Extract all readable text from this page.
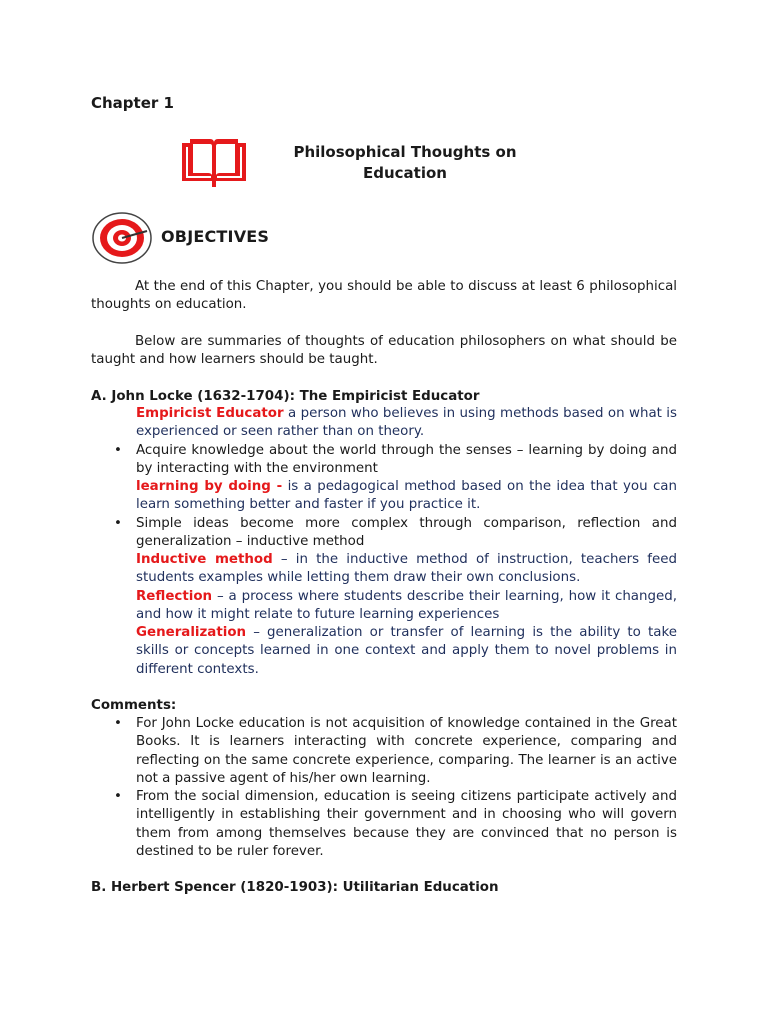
Chapter 1
Philosophical Thoughts on
Education
OBJECTIVES
At the end of this Chapter, you should be able to discuss at least 6 philosophical thoughts on education.
Below are summaries of thoughts of education philosophers on what should be taught and how learners should be taught.
A. John Locke (1632-1704): The Empiricist Educator
Empiricist Educator a person who believes in using methods based on what is experienced or seen rather than on theory.
•	Acquire knowledge about the world through the senses – learning by doing and by interacting with the environment
learning by doing - is a pedagogical method based on the idea that you can learn something better and faster if you practice it.
•	Simple ideas become more complex through comparison, reflection and generalization – inductive method
Inductive method – in the inductive method of instruction, teachers feed students examples while letting them draw their own conclusions.
Reflection – a process where students describe their learning, how it changed, and how it might relate to future learning experiences
Generalization – generalization or transfer of learning is the ability to take skills or concepts learned in one context and apply them to novel problems in different contexts.
Comments:
•	For John Locke education is not acquisition of knowledge contained in the Great Books. It is learners interacting with concrete experience, comparing and reflecting on the same concrete experience, comparing. The learner is an active not a passive agent of his/her own learning.
•	From the social dimension, education is seeing citizens participate actively and intelligently in establishing their government and in choosing who will govern them from among themselves because they are convinced that no person is destined to be ruler forever.
B. Herbert Spencer (1820-1903): Utilitarian Education
